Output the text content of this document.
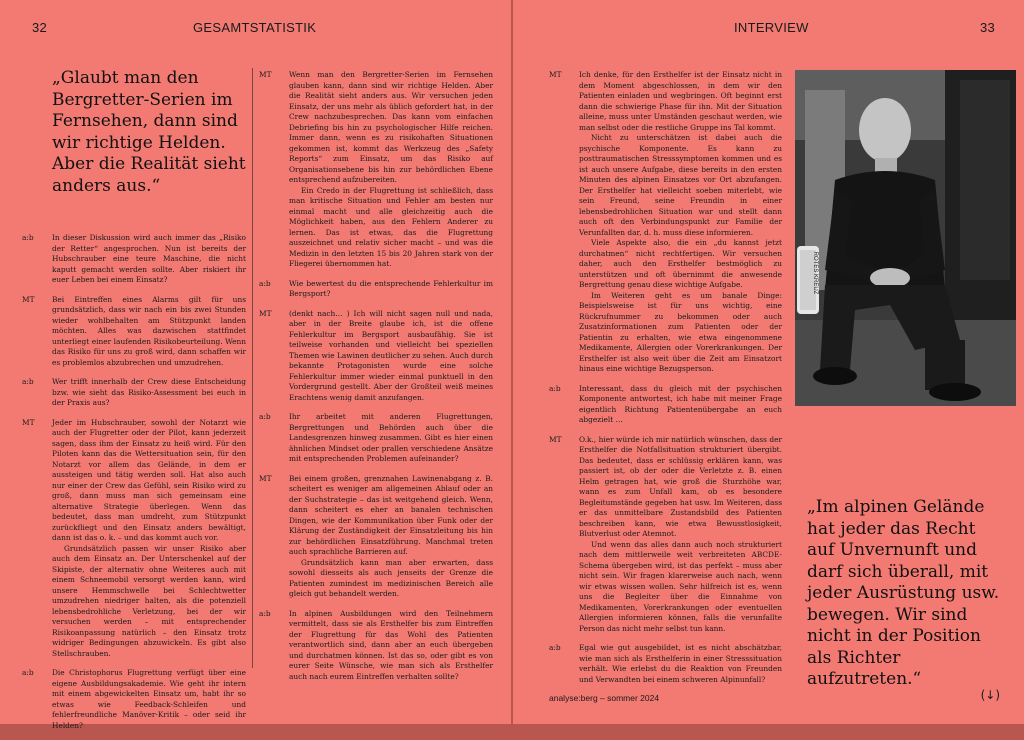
32	GESAMTSTATISTIK
„Glaubt man den Bergretter-Serien im Fernsehen, dann sind wir richtige Helden. Aber die Realität sieht anders aus.“
a:b In dieser Diskussion wird auch immer das „Risiko der Retter“ angesprochen. Nun ist bereits der Hubschrauber eine teure Maschine, die nicht kaputt gemacht werden sollte. Aber riskiert ihr euer Leben bei einem Einsatz?

MT Bei Eintreffen eines Alarms gilt für uns grundsätzlich, dass wir nach ein bis zwei Stunden wieder wohlbehalten am Stützpunkt landen möchten. Alles was dazwischen stattfindet unterliegt einer laufenden Risikobeurteilung. Wenn das Risiko für uns zu groß wird, dann schaffen wir es problemlos abzubrechen und umzudrehen.

a:b Wer trifft innerhalb der Crew diese Entscheidung bzw. wie sieht das Risiko-Assessment bei euch in der Praxis aus?

MT Jeder im Hubschrauber, sowohl der Notarzt wie auch der Flugretter oder der Pilot, kann jederzeit sagen, dass ihm der Einsatz zu heiß wird. Für den Piloten kann das die Wettersituation sein, für den Notarzt vor allem das Gelände, in dem er aussteigen und tätig werden soll. Hat also auch nur einer der Crew das Gefühl, sein Risiko wird zu groß, dann muss man sich gemeinsam eine alternative Strategie überlegen. Wenn das bedeutet, dass man umdreht, zum Stützpunkt zurückfliegt und den Einsatz anders bewältigt, dann ist das o. k. – und das kommt auch vor.

Grundsätzlich passen wir unser Risiko aber auch dem Einsatz an. Der Unterschenkel auf der Skipiste, der alternativ ohne Weiteres auch mit einem Schneemobil versorgt werden kann, wird unsere Hemmschwelle bei Schlechtwetter umzudrehen niedriger halten, als die potenziell lebensbedrohliche Verletzung, bei der wir versuchen werden – mit entsprechender Risikoanpassung natürlich – den Einsatz trotz widriger Bedingungen abzuwickeln. Es gibt also Stellschrauben.

a:b Die Christophorus Flugrettung verfügt über eine eigene Ausbildungsakademie. Wie geht ihr intern mit einem abgewickelten Einsatz um, habt ihr so etwas wie Feedback-Schleifen und fehlerfreundliche Manöver-Kritik – oder seid ihr Helden?

MT Wenn man den Bergretter-Serien im Fernsehen glauben kann, dann sind wir richtige Helden. Aber die Realität sieht anders aus. Wir versuchen jeden Einsatz, der uns mehr als üblich gefordert hat, in der Crew nachzubesprechen. Das kann vom einfachen Debriefing bis hin zu psychologischer Hilfe reichen. Immer dann, wenn es zu risikohaften Situationen gekommen ist, kommt das Werkzeug des „Safety Reports“ zum Einsatz, um das Risiko auf Organisationsebene bis hin zur behördlichen Ebene entsprechend aufzubereiten.

Ein Credo in der Flugrettung ist schließlich, dass man kritische Situation und Fehler am besten nur einmal macht und alle gleichzeitig auch die Möglichkeit haben, aus den Fehlern Anderer zu lernen. Das ist etwas, das die Flugrettung auszeichnet und relativ sicher macht – und was die Medizin in den letzten 15 bis 20 Jahren stark von der Fliegerei übernommen hat.

a:b Wie bewertest du die entsprechende Fehlerkultur im Bergsport?

MT (denkt nach… ) Ich will nicht sagen null und nada, aber in der Breite glaube ich, ist die offene Fehlerkultur im Bergsport ausbaufähig. Sie ist teilweise vorhanden und vielleicht bei speziellen Themen wie Lawinen deutlicher zu sehen. Auch durch bekannte Protagonisten wurde eine solche Fehlerkultur immer wieder einmal punktuell in den Vordergrund gestellt. Aber der Großteil weiß meines Erachtens wenig damit anzufangen.

a:b Ihr arbeitet mit anderen Flugrettungen, Bergrettungen und Behörden auch über die Landesgrenzen hinweg zusammen. Gibt es hier einen ähnlichen Mindset oder prallen verschiedene Ansätze mit entsprechenden Problemen aufeinander?

MT Bei einem großen, grenznahen Lawinenabgang z. B. scheitert es weniger am allgemeinen Ablauf oder an der Suchstrategie – das ist weitgehend gleich. Wenn, dann scheitert es eher an banalen technischen Dingen, wie der Kommunikation über Funk oder der Klärung der Zuständigkeit der Einsatzleitung bis hin zur behördlichen Einsatzführung. Manchmal treten auch sprachliche Barrieren auf.

Grundsätzlich kann man aber erwarten, dass sowohl diesseits als auch jenseits der Grenze die Patienten zumindest im medizinischen Bereich alle gleich gut behandelt werden.

a:b In alpinen Ausbildungen wird den Teilnehmern vermittelt, dass sie als Ersthelfer bis zum Eintreffen der Flugrettung für das Wohl des Patienten verantwortlich sind, dann aber an euch übergeben und durchatmen können. Ist das so, oder gibt es von eurer Seite Wünsche, wie man sich als Ersthelfer auch nach eurem Eintreffen verhalten sollte?

INTERVIEW	33
MT Ich denke, für den Ersthelfer ist der Einsatz nicht in dem Moment abgeschlossen, in dem wir den Patienten einladen und wegbringen. Oft beginnt erst dann die schwierige Phase für ihn. Mit der Situation alleine, muss unter Umständen geschaut werden, wie man selbst oder die restliche Gruppe ins Tal kommt.

Nicht zu unterschätzen ist dabei auch die psychische Komponente. Es kann zu posttraumatischen Stresssymptomen kommen und es ist auch unsere Aufgabe, diese bereits in den ersten Minuten des alpinen Einsatzes vor Ort abzufangen. Der Ersthelfer hat vielleicht soeben miterlebt, wie sein Freund, seine Freundin in einer lebensbedrohlichen Situation war und stellt dann auch oft den Verbindungspunkt zur Familie der Verunfallten dar, d. h. muss diese informieren.

Viele Aspekte also, die ein „du kannst jetzt durchatmen“ nicht rechtfertigen. Wir versuchen daher, auch den Ersthelfer bestmöglich zu unterstützen und oft übernimmt die anwesende Bergrettung genau diese wichtige Aufgabe.

Im Weiteren geht es um banale Dinge: Beispielsweise ist für uns wichtig, eine Rückrufnummer zu bekommen oder auch Zusatzinformationen zum Patienten oder der Patientin zu erhalten, wie etwa eingenommene Medikamente, Allergien oder Vorerkrankungen. Der Ersthelfer ist also weit über die Zeit am Einsatzort hinaus eine wichtige Bezugsperson.

a:b Interessant, dass du gleich mit der psychischen Komponente antwortest, ich habe mit meiner Frage eigentlich Richtung Patientenübergabe an euch abgezielt …

MT O.k., hier würde ich mir natürlich wünschen, dass der Ersthelfer die Notfallsituation strukturiert übergibt. Das bedeutet, dass er schlüssig erklären kann, was passiert ist, ob der oder die Verletzte z. B. einen Helm getragen hat, wie groß die Sturzhöhe war, wann es zum Unfall kam, ob es besondere Begleitumstände gegeben hat usw. Im Weiteren, dass er das unmittelbare Zustandsbild des Patienten beschreiben kann, wie etwa Bewusstlosigkeit, Blutverlust oder Atemnot.

Und wenn das alles dann auch noch strukturiert nach dem mittlerweile weit verbreiteten ABCDE-Schema übergeben wird, ist das perfekt – muss aber nicht sein. Wir fragen klarerweise auch nach, wenn wir etwas wissen wollen. Sehr hilfreich ist es, wenn uns die Begleiter über die Einnahme von Medikamenten, Vorerkrankungen oder eventuellen Allergien informieren können, falls die verunfallte Person das nicht mehr selbst tun kann.

a:b Egal wie gut ausgebildet, ist es nicht abschätzbar, wie man sich als Ersthelferin in einer Stresssituation verhält. Wie erlebst du die Reaktion von Freunden und Verwandten bei einem schweren Alpinunfall?

ROTES KREUZ
„Im alpinen Gelände hat jeder das Recht auf Unvernunft und darf sich überall, mit jeder Ausrüstung usw. bewegen. Wir sind nicht in der Position als Richter aufzutreten.“
analyse:berg – sommer 2024	(↓)
